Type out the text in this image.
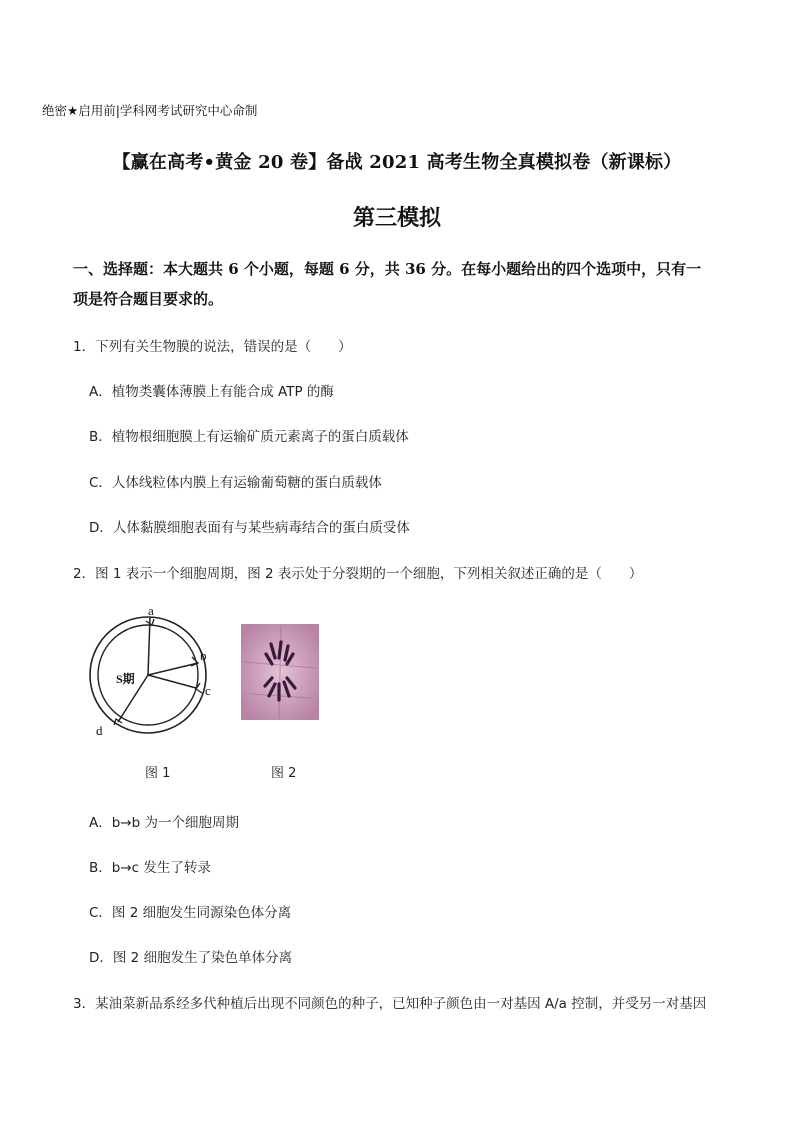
绝密★启用前|学科网考试研究中心命制
【赢在高考•黄金 20 卷】备战 2021 高考生物全真模拟卷（新课标）
第三模拟
一、选择题：本大题共 6 个小题，每题 6 分，共 36 分。在每小题给出的四个选项中，只有一
项是符合题目要求的。
1．下列有关生物膜的说法，错误的是（　　）
A．植物类囊体薄膜上有能合成 ATP 的酶
B．植物根细胞膜上有运输矿质元素离子的蛋白质载体
C．人体线粒体内膜上有运输葡萄糖的蛋白质载体
D．人体黏膜细胞表面有与某些病毒结合的蛋白质受体
2．图 1 表示一个细胞周期，图 2 表示处于分裂期的一个细胞，下列相关叙述正确的是（　　）
S期
a
b
c
d
图 1	图 2
A．b→b 为一个细胞周期
B．b→c 发生了转录
C．图 2 细胞发生同源染色体分离
D．图 2 细胞发生了染色单体分离
3．某油菜新品系经多代种植后出现不同颜色的种子，已知种子颜色由一对基因 A/a 控制，并受另一对基因
